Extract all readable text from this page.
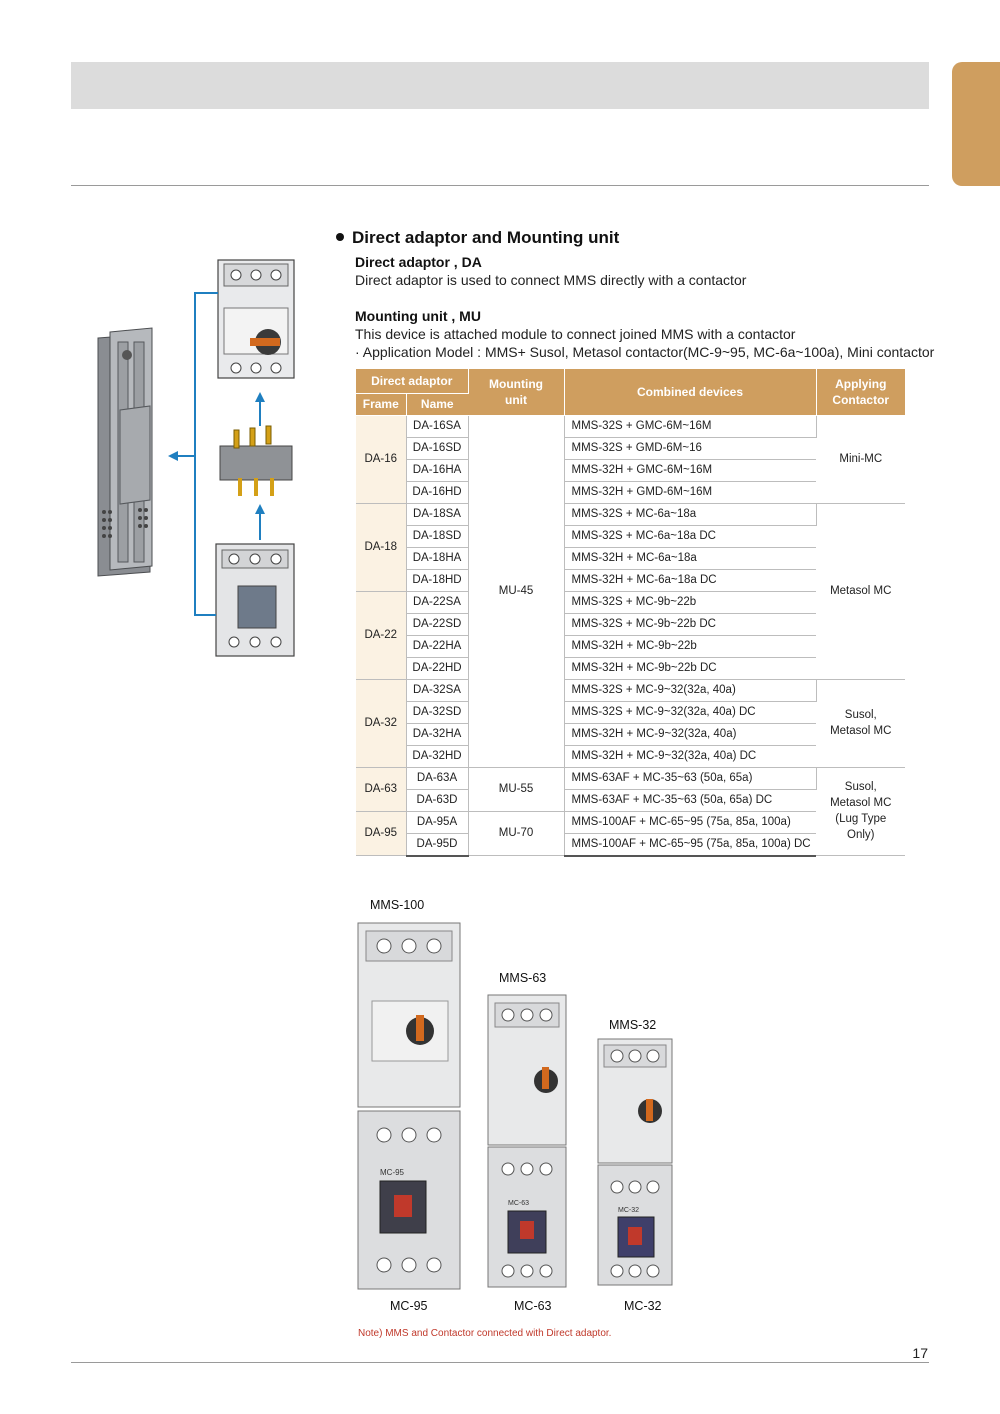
Direct adaptor and Mounting unit
Direct adaptor , DA
Direct adaptor is used to connect MMS directly with a contactor
Mounting unit , MU
This device is attached module to connect joined MMS with a contactor
· Application Model : MMS+ Susol, Metasol contactor(MC-9~95, MC-6a~100a), Mini contactor
Direct adaptor		Mounting unit	Combined devices	Applying Contactor
Frame	Name			
DA-16	DA-16SA	MU-45	MMS-32S + GMC-6M~16M	Mini-MC
	DA-16SD		MMS-32S + GMD-6M~16	
	DA-16HA		MMS-32H + GMC-6M~16M	
	DA-16HD		MMS-32H + GMD-6M~16M	
DA-18	DA-18SA		MMS-32S + MC-6a~18a	Metasol MC
	DA-18SD		MMS-32S + MC-6a~18a DC	
	DA-18HA		MMS-32H + MC-6a~18a	
	DA-18HD		MMS-32H + MC-6a~18a DC	
DA-22	DA-22SA		MMS-32S + MC-9b~22b	
	DA-22SD		MMS-32S + MC-9b~22b DC	
	DA-22HA		MMS-32H + MC-9b~22b	
	DA-22HD		MMS-32H + MC-9b~22b DC	
DA-32	DA-32SA		MMS-32S + MC-9~32(32a, 40a)	Susol, Metasol MC
	DA-32SD		MMS-32S + MC-9~32(32a, 40a) DC	
	DA-32HA		MMS-32H + MC-9~32(32a, 40a)	
	DA-32HD		MMS-32H + MC-9~32(32a, 40a) DC	
DA-63	DA-63A	MU-55	MMS-63AF + MC-35~63 (50a, 65a)	Susol, Metasol MC (Lug Type Only)
	DA-63D		MMS-63AF + MC-35~63 (50a, 65a) DC	
DA-95	DA-95A	MU-70	MMS-100AF + MC-65~95 (75a, 85a, 100a)	
	DA-95D		MMS-100AF + MC-65~95 (75a, 85a, 100a) DC	
MC-95
MC-63
MC-32
MMS-100
MMS-63
MMS-32
MC-95	MC-63	MC-32
Note) MMS and Contactor connected with Direct adaptor.
17
